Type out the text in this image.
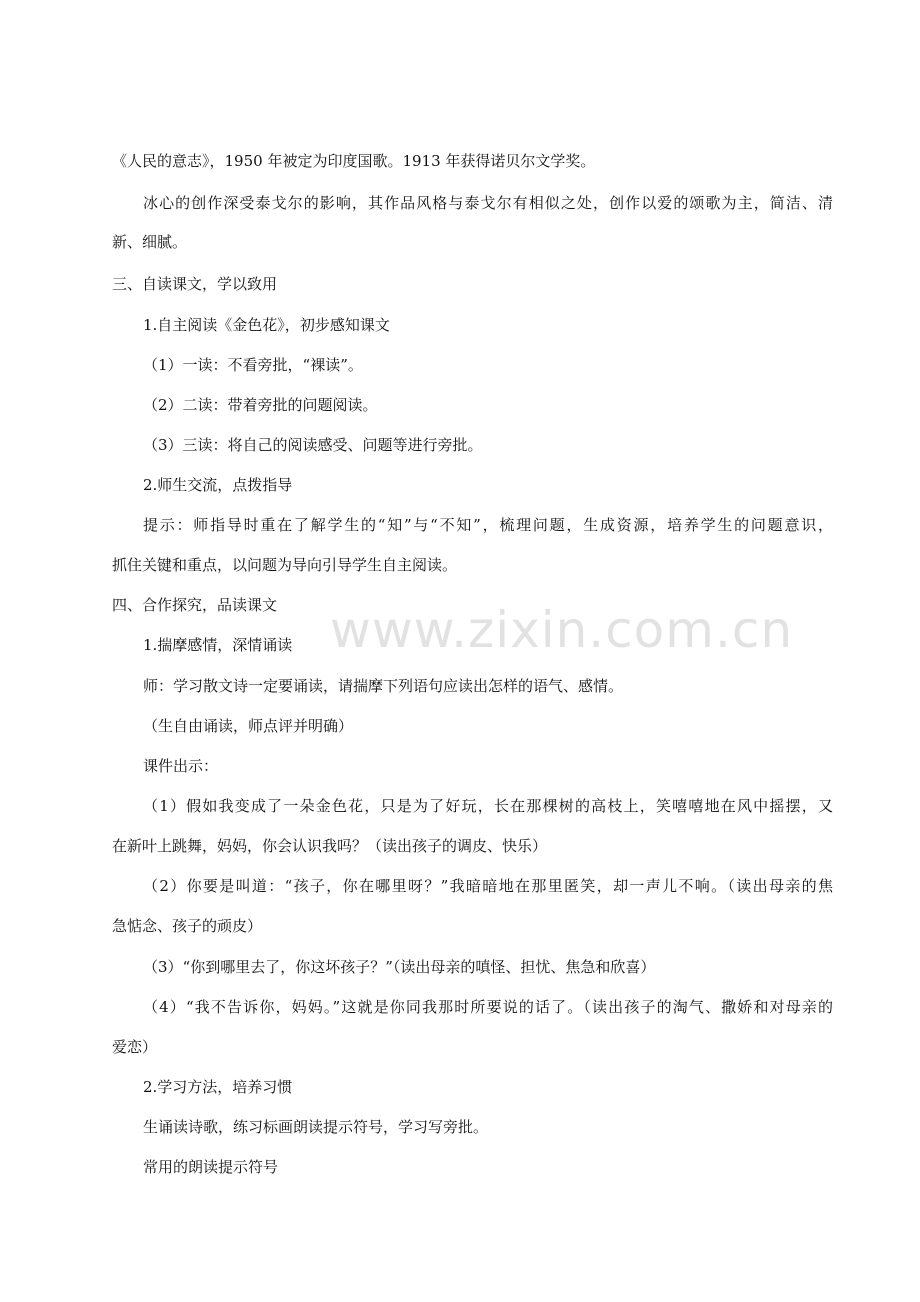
www.zixin.com.cn
《人民的意志》，1950 年被定为印度国歌。1913 年获得诺贝尔文学奖。
冰心的创作深受泰戈尔的影响，其作品风格与泰戈尔有相似之处，创作以爱的颂歌为主，简洁、清
新、细腻。
三、自读课文，学以致用
1.自主阅读《金色花》，初步感知课文
（1）一读：不看旁批，“裸读”。
（2）二读：带着旁批的问题阅读。
（3）三读：将自己的阅读感受、问题等进行旁批。
2.师生交流，点拨指导
提示：师指导时重在了解学生的“知”与“不知”，梳理问题，生成资源，培养学生的问题意识，
抓住关键和重点，以问题为导向引导学生自主阅读。
四、合作探究，品读课文
1.揣摩感情，深情诵读
师：学习散文诗一定要诵读，请揣摩下列语句应读出怎样的语气、感情。
（生自由诵读，师点评并明确）
课件出示：
（1）假如我变成了一朵金色花，只是为了好玩，长在那棵树的高枝上，笑嘻嘻地在风中摇摆，又
在新叶上跳舞，妈妈，你会认识我吗？（读出孩子的调皮、快乐）
（2）你要是叫道：“孩子，你在哪里呀？”我暗暗地在那里匿笑，却一声儿不响。（读出母亲的焦
急惦念、孩子的顽皮）
（3）“你到哪里去了，你这坏孩子？”（读出母亲的嗔怪、担忧、焦急和欣喜）
（4）“我不告诉你，妈妈。”这就是你同我那时所要说的话了。（读出孩子的淘气、撒娇和对母亲的
爱恋）
2.学习方法，培养习惯
生诵读诗歌，练习标画朗读提示符号，学习写旁批。
常用的朗读提示符号
